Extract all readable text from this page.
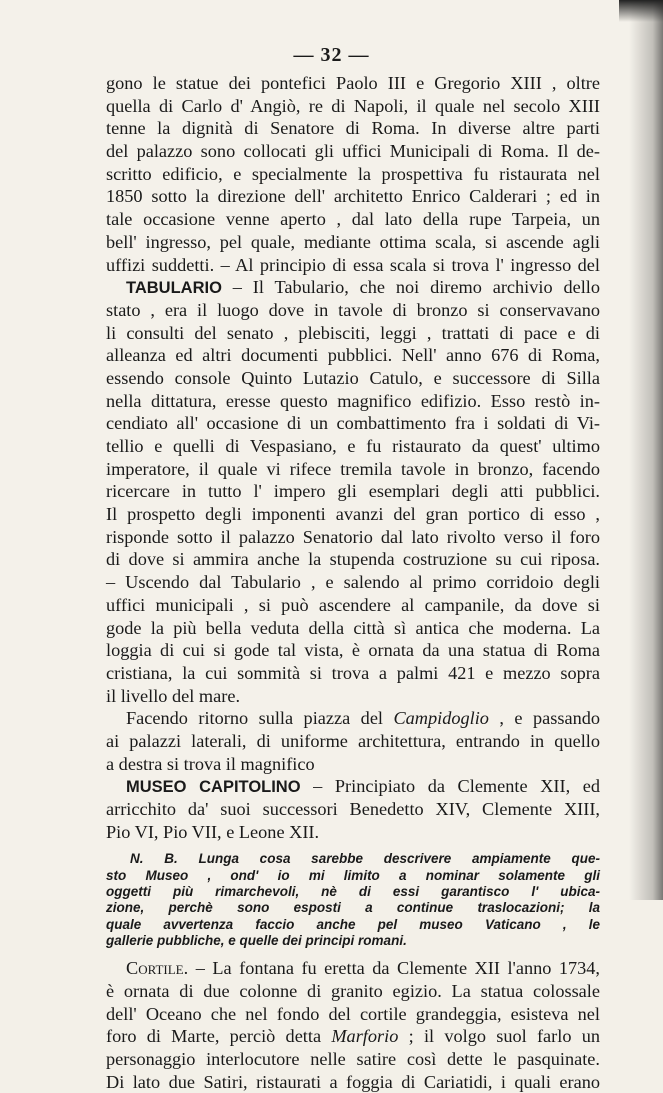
— 32 —
gono le statue dei pontefici Paolo III e Gregorio XIII , oltre
quella di Carlo d' Angiò, re di Napoli, il quale nel secolo XIII
tenne la dignità di Senatore di Roma. In diverse altre parti
del palazzo sono collocati gli uffici Municipali di Roma. Il de-
scritto edificio, e specialmente la prospettiva fu ristaurata nel
1850 sotto la direzione dell' architetto Enrico Calderari ; ed in
tale occasione venne aperto , dal lato della rupe Tarpeia, un
bell' ingresso, pel quale, mediante ottima scala, si ascende agli
uffizi suddetti. – Al principio di essa scala si trova l' ingresso del
TABULARIO – Il Tabulario, che noi diremo archivio dello
stato , era il luogo dove in tavole di bronzo si conservavano
li consulti del senato , plebisciti, leggi , trattati di pace e di
alleanza ed altri documenti pubblici. Nell' anno 676 di Roma,
essendo console Quinto Lutazio Catulo, e successore di Silla
nella dittatura, eresse questo magnifico edifizio. Esso restò in-
cendiato all' occasione di un combattimento fra i soldati di Vi-
tellio e quelli di Vespasiano, e fu ristaurato da quest' ultimo
imperatore, il quale vi rifece tremila tavole in bronzo, facendo
ricercare in tutto l' impero gli esemplari degli atti pubblici.
Il prospetto degli imponenti avanzi del gran portico di esso ,
risponde sotto il palazzo Senatorio dal lato rivolto verso il foro
di dove si ammira anche la stupenda costruzione su cui riposa.
– Uscendo dal Tabulario , e salendo al primo corridoio degli
uffici municipali , si può ascendere al campanile, da dove si
gode la più bella veduta della città sì antica che moderna. La
loggia di cui si gode tal vista, è ornata da una statua di Roma
cristiana, la cui sommità si trova a palmi 421 e mezzo sopra
il livello del mare.
Facendo ritorno sulla piazza del Campidoglio , e passando
ai palazzi laterali, di uniforme architettura, entrando in quello
a destra si trova il magnifico
MUSEO CAPITOLINO – Principiato da Clemente XII, ed
arricchito da' suoi successori Benedetto XIV, Clemente XIII,
Pio VI, Pio VII, e Leone XII.
N. B. Lunga cosa sarebbe descrivere ampiamente que-
sto Museo , ond' io mi limito a nominar solamente gli
oggetti più rimarchevoli, nè di essi garantisco l' ubica-
zione, perchè sono esposti a continue traslocazioni; la
quale avvertenza faccio anche pel museo Vaticano , le
gallerie pubbliche, e quelle dei principi romani.
Cortile. – La fontana fu eretta da Clemente XII l'anno 1734,
è ornata di due colonne di granito egizio. La statua colossale
dell' Oceano che nel fondo del cortile grandeggia, esisteva nel
foro di Marte, perciò detta Marforio ; il volgo suol farlo un
personaggio interlocutore nelle satire così dette le pasquinate.
Di lato due Satiri, ristaurati a foggia di Cariatidi, i quali erano
